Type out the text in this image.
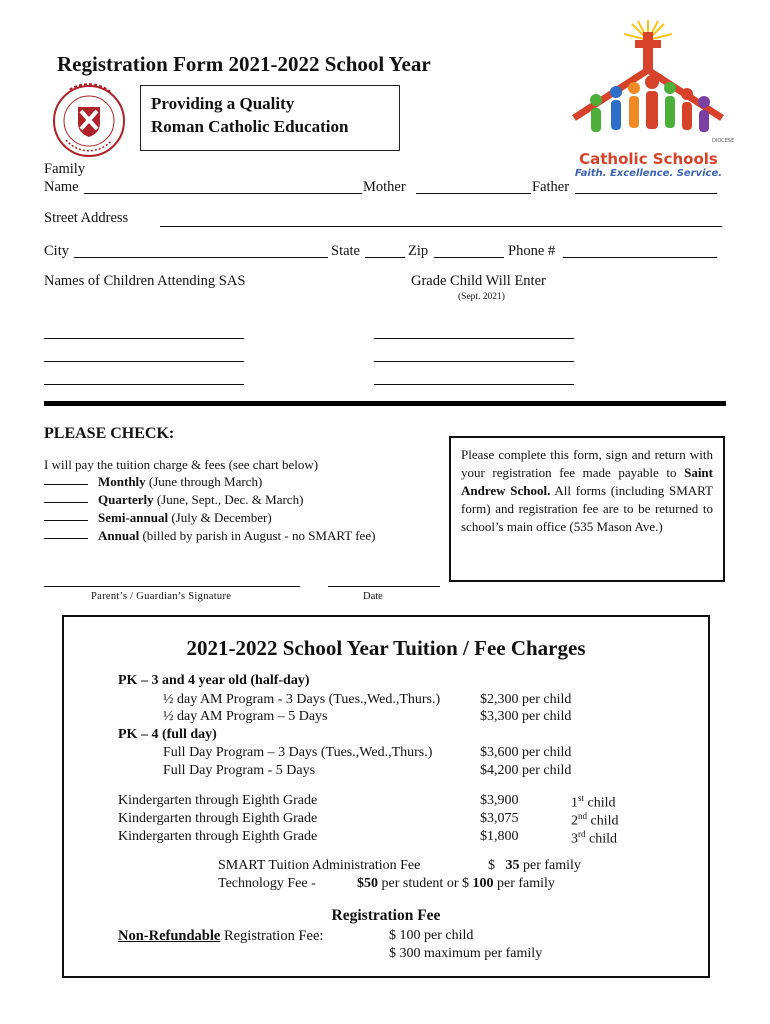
Registration Form 2021-2022 School Year
Providing a Quality
Roman Catholic Education
DIOCESE
Catholic Schools
Faith. Excellence. Service.
Family
Name	Mother	Father
Street Address
City	State	Zip	Phone #
Names of Children Attending SAS	Grade Child Will Enter
(Sept. 2021)
PLEASE CHECK:
I will pay the tuition charge & fees (see chart below)
Monthly (June through March)
Quarterly (June, Sept., Dec. & March)
Semi-annual (July & December)
Annual (billed by parish in August - no SMART fee)
Please complete this form, sign and return with your registration fee made payable to Saint Andrew School. All forms (including SMART form) and registration fee are to be returned to school’s main office (535 Mason Ave.)
Parent’s / Guardian’s Signature	Date
2021-2022 School Year Tuition / Fee Charges
PK – 3 and 4 year old (half-day)
½ day AM Program - 3 Days (Tues.,Wed.,Thurs.)	$2,300 per child
½ day AM Program – 5 Days	$3,300 per child
PK – 4 (full day)
Full Day Program – 3 Days (Tues.,Wed.,Thurs.)	$3,600 per child
Full Day Program - 5 Days	$4,200 per child
Kindergarten through Eighth Grade	$3,900	1st child
Kindergarten through Eighth Grade	$3,075	2nd child
Kindergarten through Eighth Grade	$1,800	3rd child
SMART Tuition Administration Fee	$ 35 per family
Technology Fee -	$50 per student or $ 100 per family
Registration Fee
Non-Refundable Registration Fee:	$ 100 per child
$ 300 maximum per family
